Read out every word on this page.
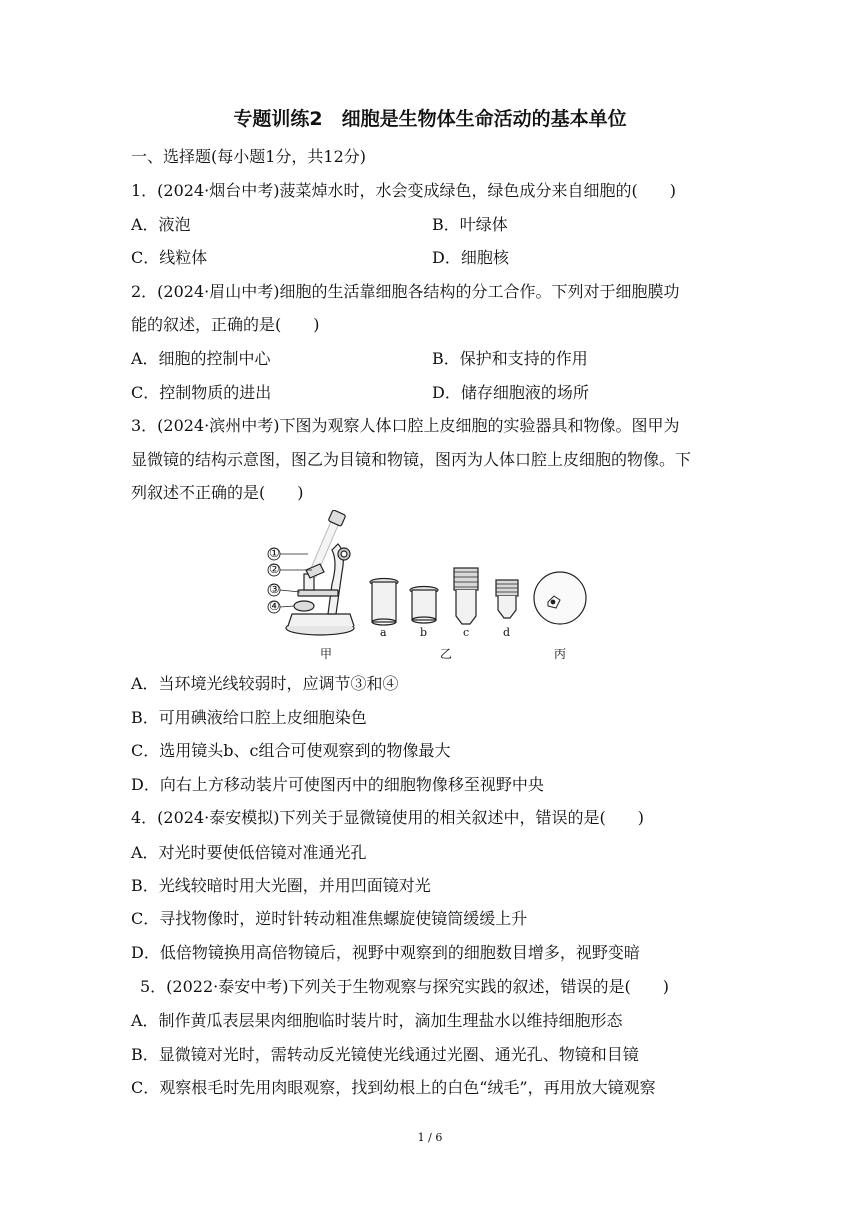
专题训练2　细胞是生物体生命活动的基本单位
一、选择题(每小题1分，共12分)
1．(2024·烟台中考)菠菜焯水时，水会变成绿色，绿色成分来自细胞的(　　)
A．液泡	B．叶绿体
C．线粒体	D．细胞核
2．(2024·眉山中考)细胞的生活靠细胞各结构的分工合作。下列对于细胞膜功
能的叙述，正确的是(　　)
A．细胞的控制中心	B．保护和支持的作用
C．控制物质的进出	D．储存细胞液的场所
3．(2024·滨州中考)下图为观察人体口腔上皮细胞的实验器具和物像。图甲为
显微镜的结构示意图，图乙为目镜和物镜，图丙为人体口腔上皮细胞的物像。下
列叙述不正确的是(　　)
①
②
③
④
a	b	c	d
甲	乙	丙
A．当环境光线较弱时，应调节③和④
B．可用碘液给口腔上皮细胞染色
C．选用镜头b、c组合可使观察到的物像最大
D．向右上方移动装片可使图丙中的细胞物像移至视野中央
4．(2024·泰安模拟)下列关于显微镜使用的相关叙述中，错误的是(　　)
A．对光时要使低倍镜对准通光孔
B．光线较暗时用大光圈，并用凹面镜对光
C．寻找物像时，逆时针转动粗准焦螺旋使镜筒缓缓上升
D．低倍物镜换用高倍物镜后，视野中观察到的细胞数目增多，视野变暗
5．(2022·泰安中考)下列关于生物观察与探究实践的叙述，错误的是(　　)
A．制作黄瓜表层果肉细胞临时装片时，滴加生理盐水以维持细胞形态
B．显微镜对光时，需转动反光镜使光线通过光圈、通光孔、物镜和目镜
C．观察根毛时先用肉眼观察，找到幼根上的白色“绒毛”，再用放大镜观察
1 / 6
